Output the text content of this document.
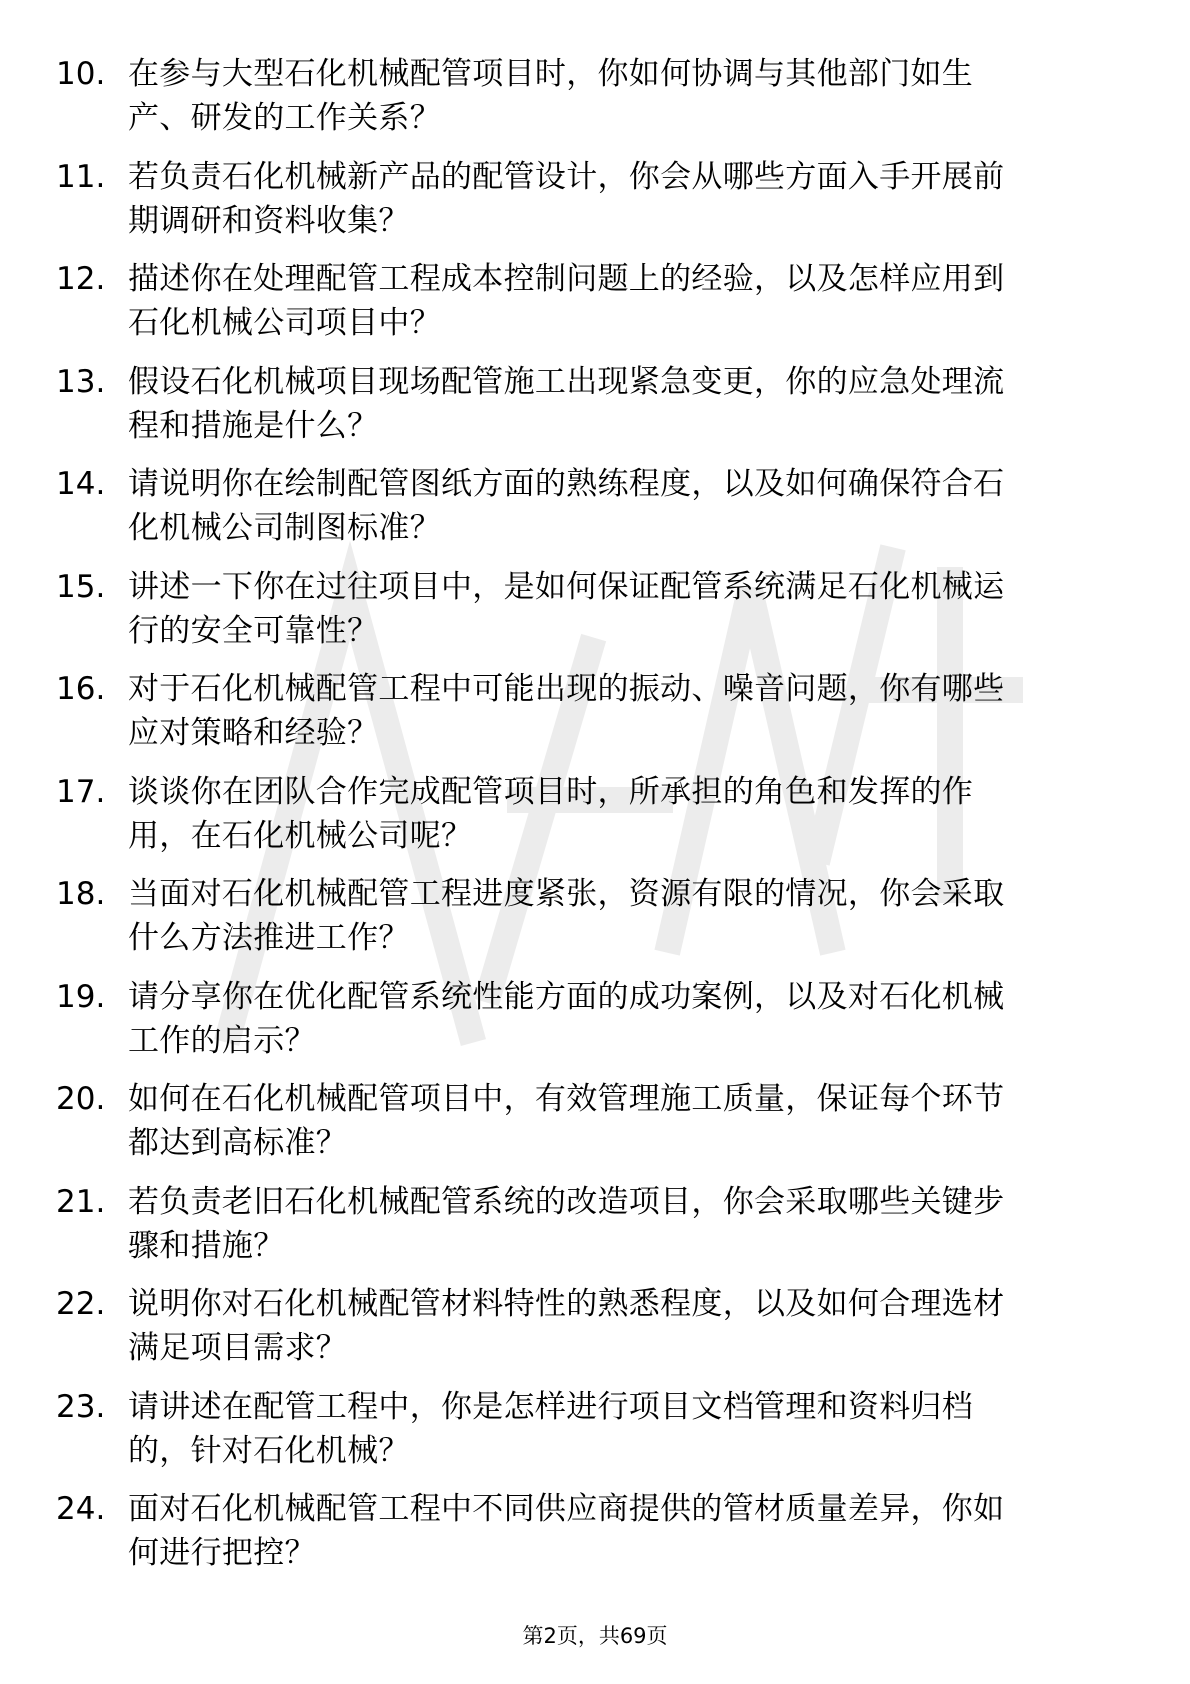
10. 在参与大型石化机械配管项目时，你如何协调与其他部门如生
产、研发的工作关系？
11. 若负责石化机械新产品的配管设计，你会从哪些方面入手开展前
期调研和资料收集？
12. 描述你在处理配管工程成本控制问题上的经验，以及怎样应用到
石化机械公司项目中？
13. 假设石化机械项目现场配管施工出现紧急变更，你的应急处理流
程和措施是什么？
14. 请说明你在绘制配管图纸方面的熟练程度，以及如何确保符合石
化机械公司制图标准？
15. 讲述一下你在过往项目中，是如何保证配管系统满足石化机械运
行的安全可靠性？
16. 对于石化机械配管工程中可能出现的振动、噪音问题，你有哪些
应对策略和经验？
17. 谈谈你在团队合作完成配管项目时，所承担的角色和发挥的作
用，在石化机械公司呢？
18. 当面对石化机械配管工程进度紧张，资源有限的情况，你会采取
什么方法推进工作？
19. 请分享你在优化配管系统性能方面的成功案例，以及对石化机械
工作的启示？
20. 如何在石化机械配管项目中，有效管理施工质量，保证每个环节
都达到高标准？
21. 若负责老旧石化机械配管系统的改造项目，你会采取哪些关键步
骤和措施？
22. 说明你对石化机械配管材料特性的熟悉程度，以及如何合理选材
满足项目需求？
23. 请讲述在配管工程中，你是怎样进行项目文档管理和资料归档
的，针对石化机械？
24. 面对石化机械配管工程中不同供应商提供的管材质量差异，你如
何进行把控？
第2页，共69页
